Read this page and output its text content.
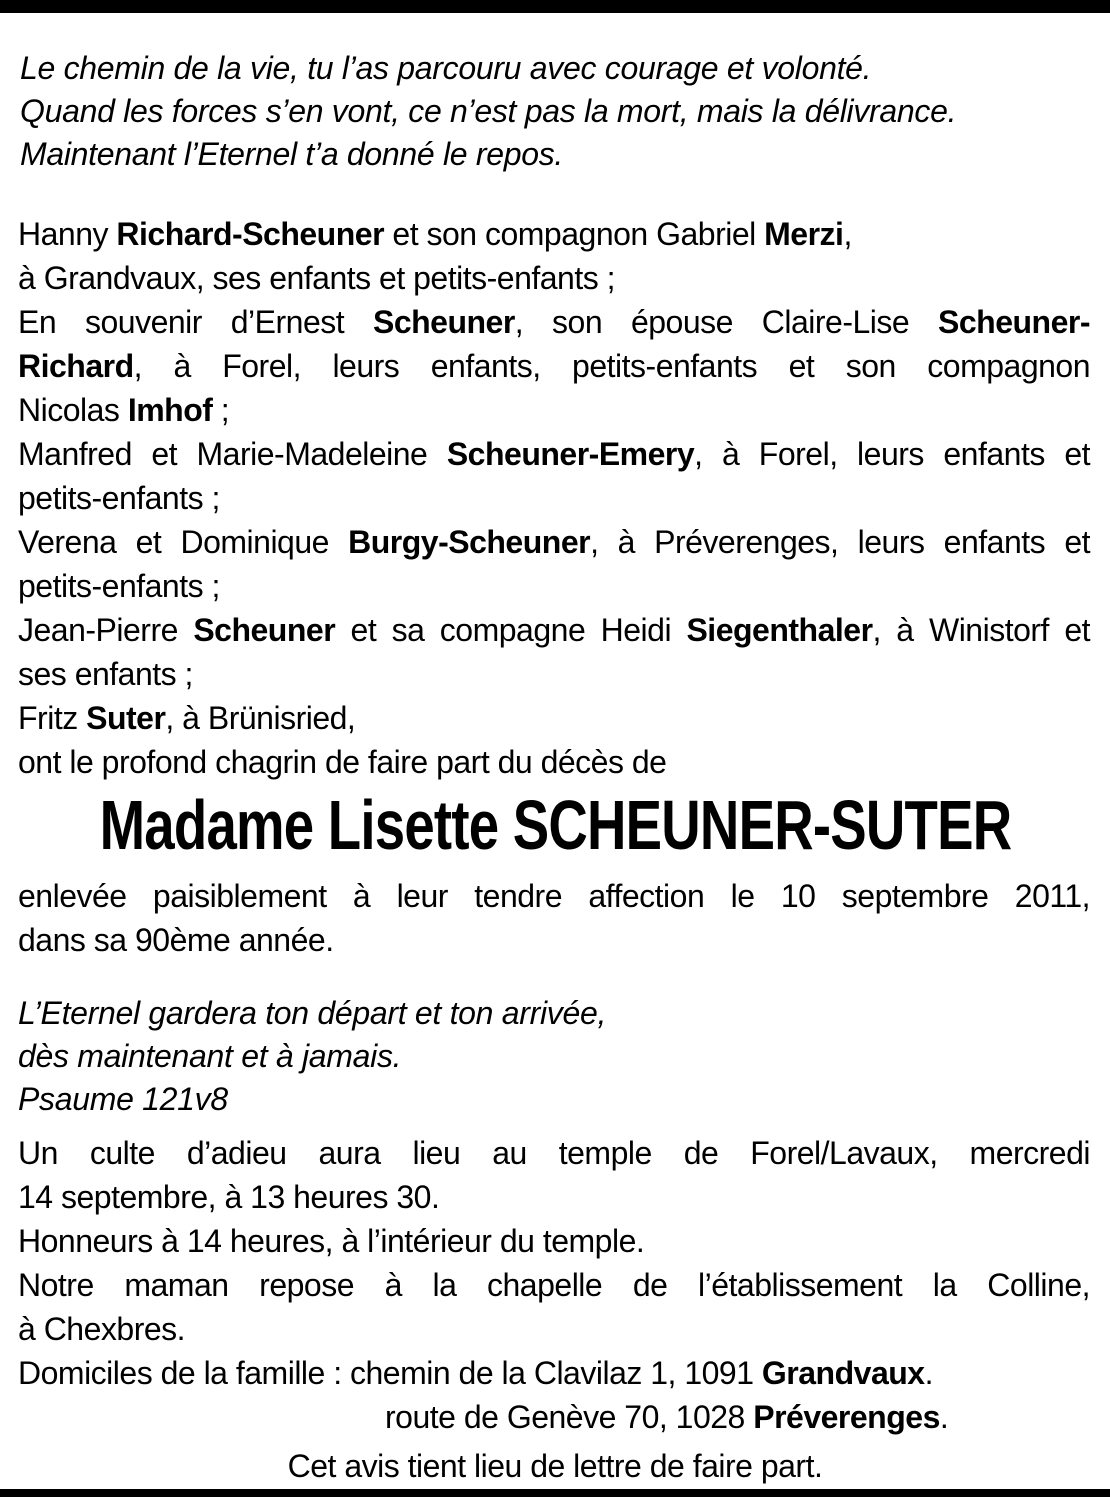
Le chemin de la vie, tu l’as parcouru avec courage et volonté.
Quand les forces s’en vont, ce n’est pas la mort, mais la délivrance.
Maintenant l’Eternel t’a donné le repos.
Hanny Richard-Scheuner et son compagnon Gabriel Merzi,
à Grandvaux, ses enfants et petits-enfants ;
En souvenir d’Ernest Scheuner, son épouse Claire-Lise Scheuner-
Richard, à Forel, leurs enfants, petits-enfants et son compagnon
Nicolas Imhof ;
Manfred et Marie-Madeleine Scheuner-Emery, à Forel, leurs enfants et
petits-enfants ;
Verena et Dominique Burgy-Scheuner, à Préverenges, leurs enfants et
petits-enfants ;
Jean-Pierre Scheuner et sa compagne Heidi Siegenthaler, à Winistorf et
ses enfants ;
Fritz Suter, à Brünisried,
ont le profond chagrin de faire part du décès de
Madame Lisette SCHEUNER-SUTER
enlevée paisiblement à leur tendre affection le 10 septembre 2011,
dans sa 90ème année.
L’Eternel gardera ton départ et ton arrivée,
dès maintenant et à jamais.
Psaume 121v8
Un culte d’adieu aura lieu au temple de Forel/Lavaux, mercredi
14 septembre, à 13 heures 30.
Honneurs à 14 heures, à l’intérieur du temple.
Notre maman repose à la chapelle de l’établissement la Colline,
à Chexbres.
Domiciles de la famille : chemin de la Clavilaz 1, 1091 Grandvaux.
route de Genève 70, 1028 Préverenges.
Cet avis tient lieu de lettre de faire part.
